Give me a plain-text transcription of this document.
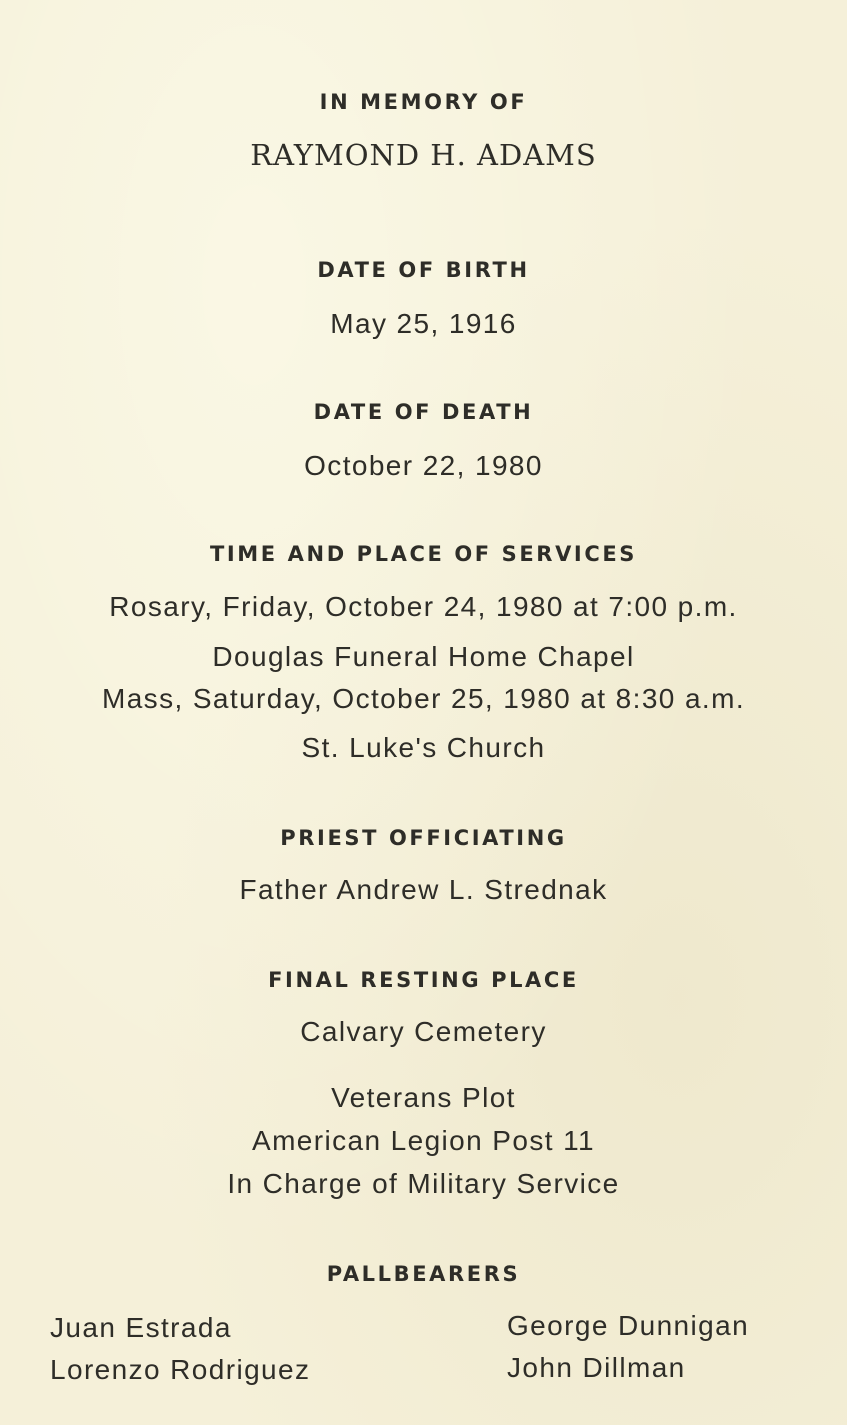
IN MEMORY OF
RAYMOND H. ADAMS
DATE OF BIRTH
May 25, 1916
DATE OF DEATH
October 22, 1980
TIME AND PLACE OF SERVICES
Rosary, Friday, October 24, 1980 at 7:00 p.m.
Douglas Funeral Home Chapel
Mass, Saturday, October 25, 1980 at 8:30 a.m.
St. Luke's Church
PRIEST OFFICIATING
Father Andrew L. Strednak
FINAL RESTING PLACE
Calvary Cemetery
Veterans Plot
American Legion Post 11
In Charge of Military Service
PALLBEARERS
Juan Estrada
Lorenzo Rodriguez
George Dunnigan
John Dillman
